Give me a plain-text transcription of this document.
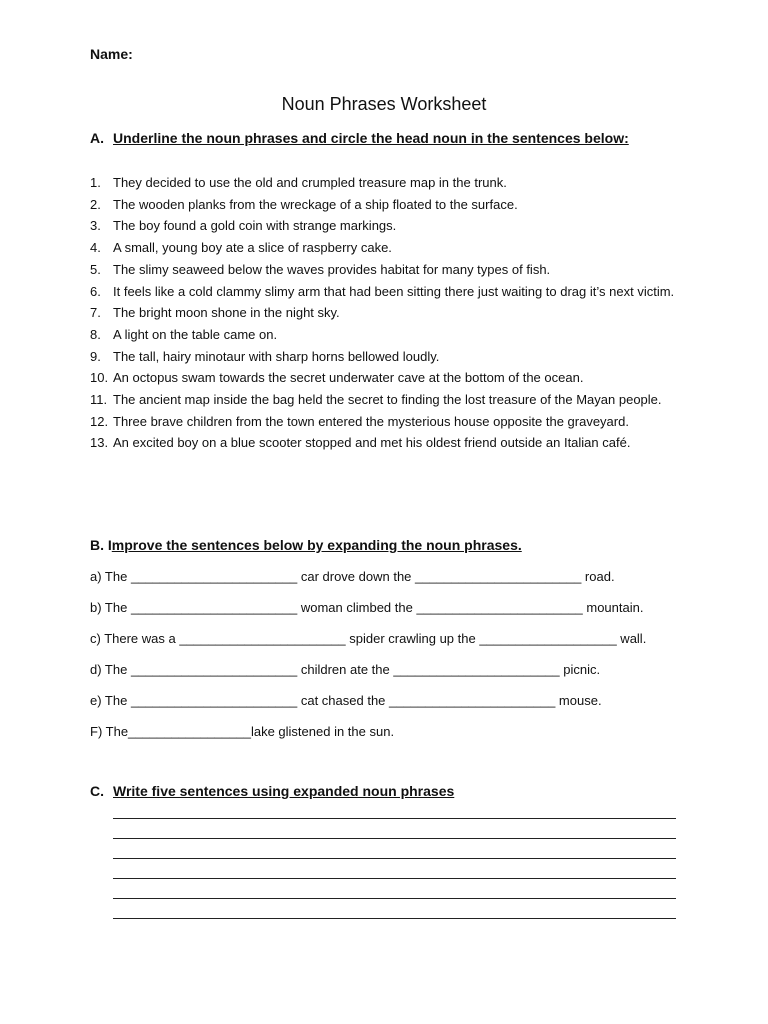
Name:
Noun Phrases Worksheet
A. Underline the noun phrases and circle the head noun in the sentences below:
1. They decided to use the old and crumpled treasure map in the trunk.
2. The wooden planks from the wreckage of a ship floated to the surface.
3. The boy found a gold coin with strange markings.
4. A small, young boy ate a slice of raspberry cake.
5. The slimy seaweed below the waves provides habitat for many types of fish.
6. It feels like a cold clammy slimy arm that had been sitting there just waiting to drag it’s next victim.
7. The bright moon shone in the night sky.
8. A light on the table came on.
9. The tall, hairy minotaur with sharp horns bellowed loudly.
10. An octopus swam towards the secret underwater cave at the bottom of the ocean.
11. The ancient map inside the bag held the secret to finding the lost treasure of the Mayan people.
12. Three brave children from the town entered the mysterious house opposite the graveyard.
13. An excited boy on a blue scooter stopped and met his oldest friend outside an Italian café.
B. Improve the sentences below by expanding the noun phrases.
a) The _______________________ car drove down the _______________________ road.
b) The _______________________ woman climbed the _______________________ mountain.
c) There was a _______________________ spider crawling up the ___________________ wall.
d) The _______________________ children ate the _______________________ picnic.
e) The _______________________ cat chased the _______________________ mouse.
F) The_________________lake glistened in the sun.
C. Write five sentences using expanded noun phrases
